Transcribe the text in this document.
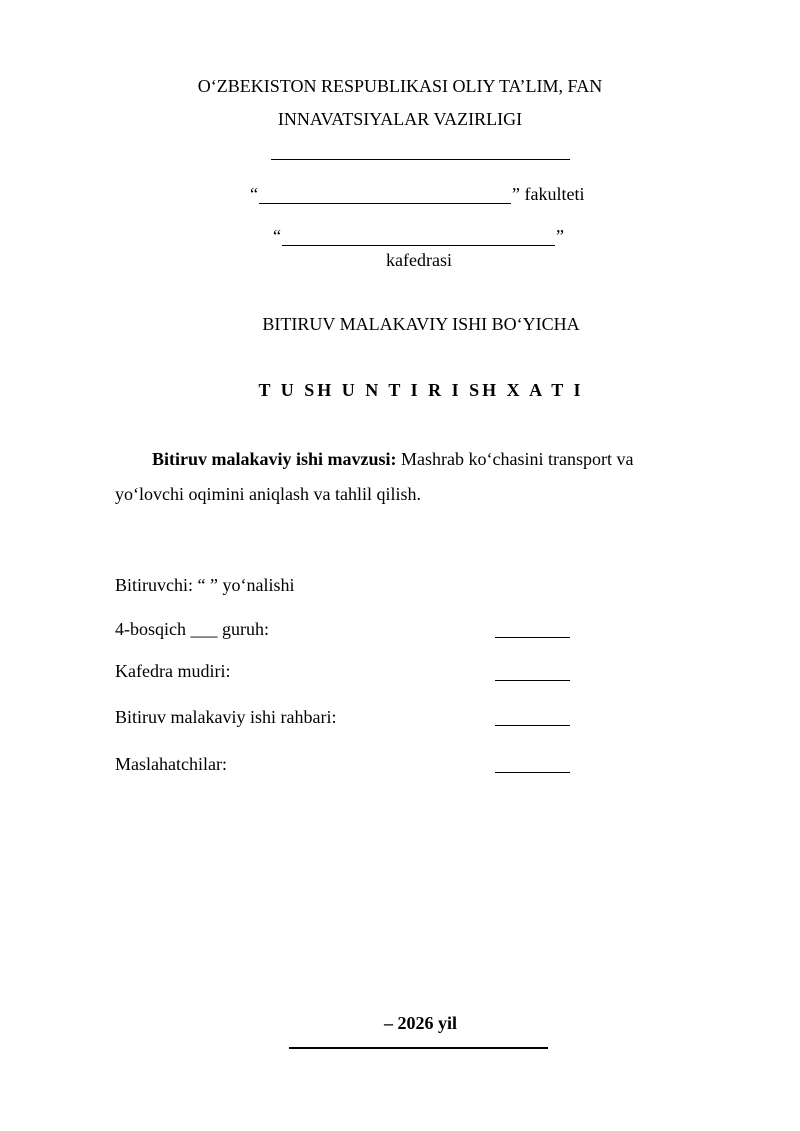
O‘ZBEKISTON RESPUBLIKASI OLIY TA’LIM, FAN
INNAVATSIYALAR VAZIRLIGI
“	” fakulteti
“	”
kafedrasi
BITIRUV MALAKAVIY ISHI BO‘YICHA
T U SH U N T I R I SH X A T I
Bitiruv malakaviy ishi mavzusi: Mashrab ko‘chasini transport va yo‘lovchi oqimini aniqlash va tahlil qilish.
Bitiruvchi: “ ” yo‘nalishi
4-bosqich ___ guruh:
Kafedra mudiri:
Bitiruv malakaviy ishi rahbari:
Maslahatchilar:
– 2026 yil
